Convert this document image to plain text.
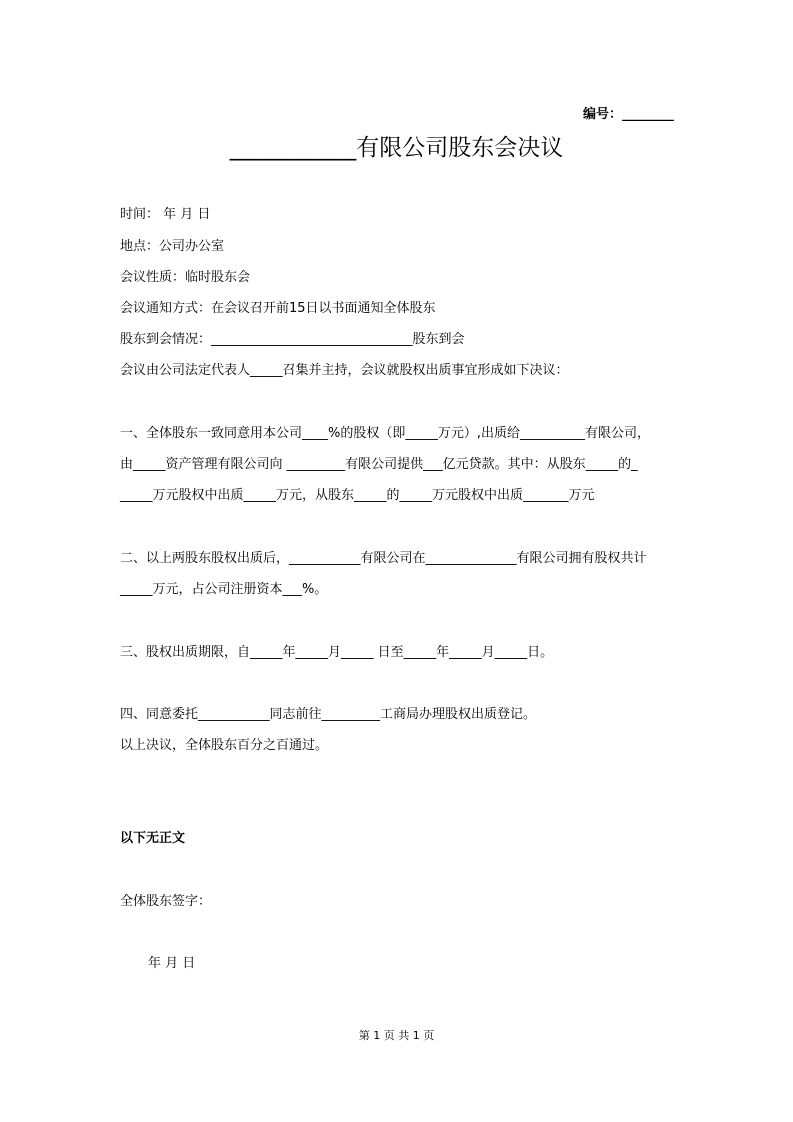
编号：________
___________有限公司股东会决议
时间： 年 月 日
地点：公司办公室
会议性质：临时股东会
会议通知方式：在会议召开前15日以书面通知全体股东
股东到会情况：_______________________________股东到会
会议由公司法定代表人_____召集并主持，会议就股权出质事宜形成如下决议：
一、全体股东一致同意用本公司____%的股权（即_____万元）,出质给__________有限公司，
由_____资产管理有限公司向 _________有限公司提供___亿元贷款。其中：从股东_____的_
_____万元股权中出质_____万元，从股东_____的_____万元股权中出质_______万元
二、以上两股东股权出质后，___________有限公司在______________有限公司拥有股权共计
_____万元，占公司注册资本___%。
三、股权出质期限，自_____年_____月_____ 日至_____年_____月_____日。
四、同意委托___________同志前往_________工商局办理股权出质登记。
以上决议，全体股东百分之百通过。
以下无正文
全体股东签字：
年 月 日
第 1 页 共 1 页
